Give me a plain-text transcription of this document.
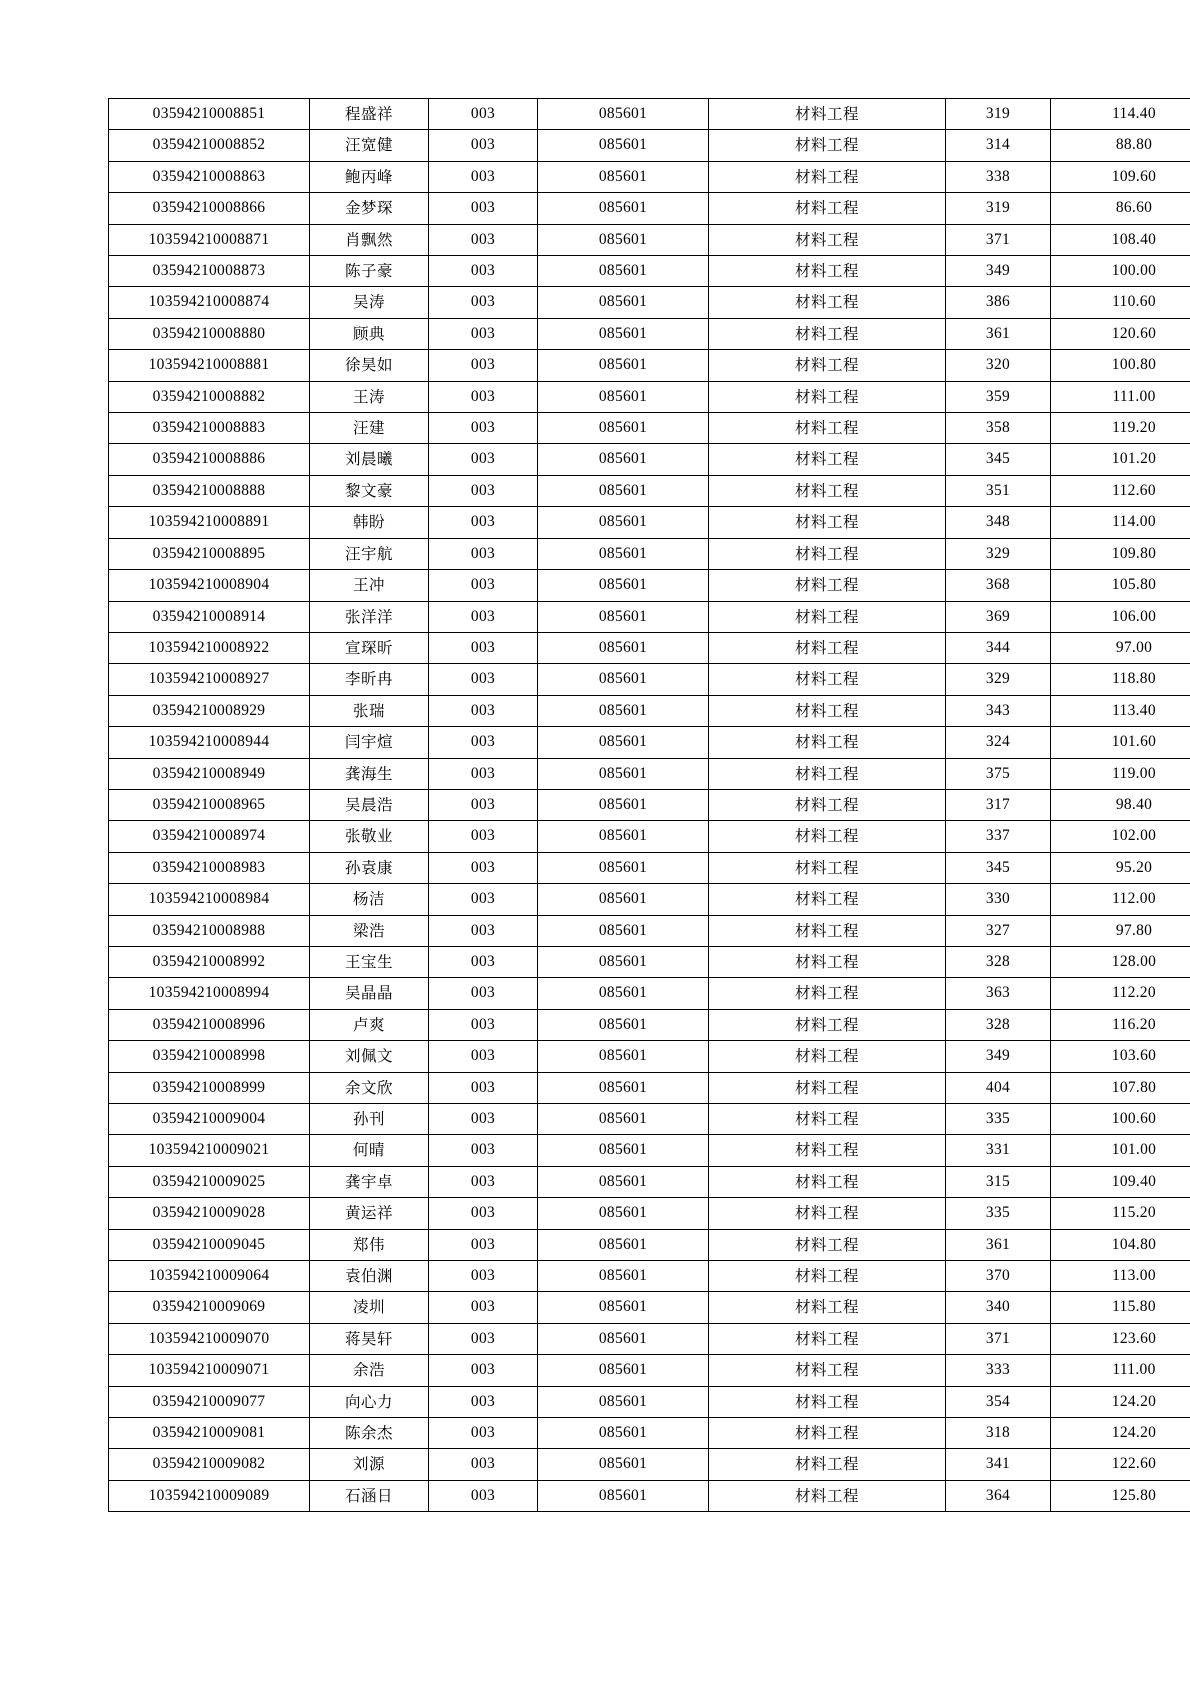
03594210008851	程盛祥	003	085601	材料工程	319	114.40
03594210008852	汪宽健	003	085601	材料工程	314	88.80
03594210008863	鲍丙峰	003	085601	材料工程	338	109.60
03594210008866	金梦琛	003	085601	材料工程	319	86.60
103594210008871	肖飘然	003	085601	材料工程	371	108.40
03594210008873	陈子豪	003	085601	材料工程	349	100.00
103594210008874	吴涛	003	085601	材料工程	386	110.60
03594210008880	顾典	003	085601	材料工程	361	120.60
103594210008881	徐昊如	003	085601	材料工程	320	100.80
03594210008882	王涛	003	085601	材料工程	359	111.00
03594210008883	汪建	003	085601	材料工程	358	119.20
03594210008886	刘晨曦	003	085601	材料工程	345	101.20
03594210008888	黎文豪	003	085601	材料工程	351	112.60
103594210008891	韩盼	003	085601	材料工程	348	114.00
03594210008895	汪宇航	003	085601	材料工程	329	109.80
103594210008904	王冲	003	085601	材料工程	368	105.80
03594210008914	张洋洋	003	085601	材料工程	369	106.00
103594210008922	宣琛昕	003	085601	材料工程	344	97.00
103594210008927	李昕冉	003	085601	材料工程	329	118.80
03594210008929	张瑞	003	085601	材料工程	343	113.40
103594210008944	闫宇煊	003	085601	材料工程	324	101.60
03594210008949	龚海生	003	085601	材料工程	375	119.00
03594210008965	吴晨浩	003	085601	材料工程	317	98.40
03594210008974	张敬业	003	085601	材料工程	337	102.00
03594210008983	孙袁康	003	085601	材料工程	345	95.20
103594210008984	杨洁	003	085601	材料工程	330	112.00
03594210008988	梁浩	003	085601	材料工程	327	97.80
03594210008992	王宝生	003	085601	材料工程	328	128.00
103594210008994	吴晶晶	003	085601	材料工程	363	112.20
03594210008996	卢爽	003	085601	材料工程	328	116.20
03594210008998	刘佩文	003	085601	材料工程	349	103.60
03594210008999	余文欣	003	085601	材料工程	404	107.80
03594210009004	孙刊	003	085601	材料工程	335	100.60
103594210009021	何晴	003	085601	材料工程	331	101.00
03594210009025	龚宇卓	003	085601	材料工程	315	109.40
03594210009028	黄运祥	003	085601	材料工程	335	115.20
03594210009045	郑伟	003	085601	材料工程	361	104.80
103594210009064	袁伯渊	003	085601	材料工程	370	113.00
03594210009069	凌圳	003	085601	材料工程	340	115.80
103594210009070	蒋昊轩	003	085601	材料工程	371	123.60
103594210009071	余浩	003	085601	材料工程	333	111.00
03594210009077	向心力	003	085601	材料工程	354	124.20
03594210009081	陈余杰	003	085601	材料工程	318	124.20
03594210009082	刘源	003	085601	材料工程	341	122.60
103594210009089	石涵日	003	085601	材料工程	364	125.80
